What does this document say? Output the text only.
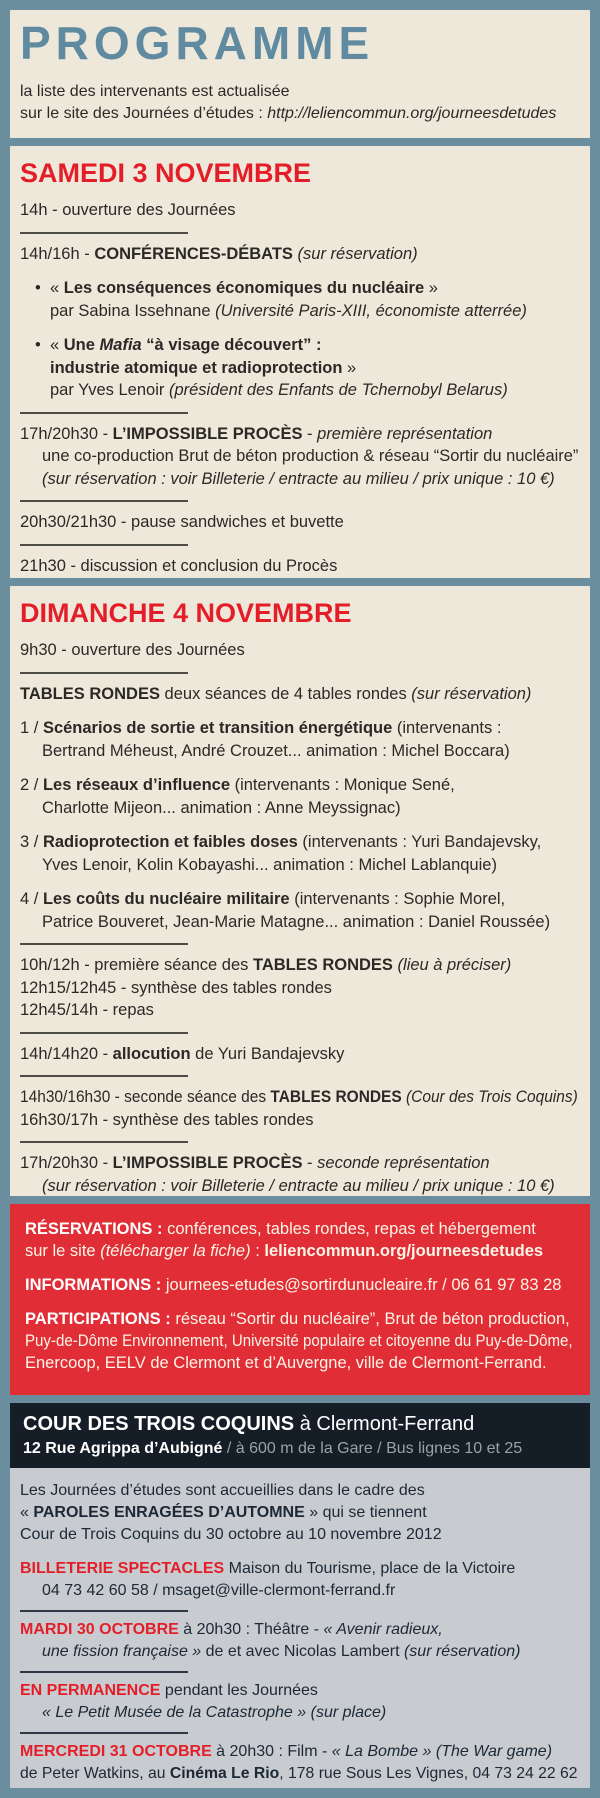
PROGRAMME
la liste des intervenants est actualisée
sur le site des Journées d’études : http://leliencommun.org/journeesdetudes
SAMEDI 3 NOVEMBRE
14h - ouverture des Journées
14h/16h - CONFÉRENCES-DÉBATS (sur réservation)
• « Les conséquences économiques du nucléaire »
par Sabina Issehnane (Université Paris-XIII, économiste atterrée)
• « Une Mafia “à visage découvert” :
industrie atomique et radioprotection »
par Yves Lenoir (président des Enfants de Tchernobyl Belarus)
17h/20h30 - L’IMPOSSIBLE PROCÈS - première représentation
une co-production Brut de béton production & réseau “Sortir du nucléaire”
(sur réservation : voir Billeterie / entracte au milieu / prix unique : 10 €)
20h30/21h30 - pause sandwiches et buvette
21h30 - discussion et conclusion du Procès
DIMANCHE 4 NOVEMBRE
9h30 - ouverture des Journées
TABLES RONDES deux séances de 4 tables rondes (sur réservation)
1 / Scénarios de sortie et transition énergétique (intervenants :
Bertrand Méheust, André Crouzet... animation : Michel Boccara)
2 / Les réseaux d’influence (intervenants : Monique Sené,
Charlotte Mijeon... animation : Anne Meyssignac)
3 / Radioprotection et faibles doses (intervenants : Yuri Bandajevsky,
Yves Lenoir, Kolin Kobayashi... animation : Michel Lablanquie)
4 / Les coûts du nucléaire militaire (intervenants : Sophie Morel,
Patrice Bouveret, Jean-Marie Matagne... animation : Daniel Roussée)
10h/12h - première séance des TABLES RONDES (lieu à préciser)
12h15/12h45 - synthèse des tables rondes
12h45/14h - repas
14h/14h20 - allocution de Yuri Bandajevsky
14h30/16h30 - seconde séance des TABLES RONDES (Cour des Trois Coquins)
16h30/17h - synthèse des tables rondes
17h/20h30 - L’IMPOSSIBLE PROCÈS - seconde représentation
(sur réservation : voir Billeterie / entracte au milieu / prix unique : 10 €)
RÉSERVATIONS : conférences, tables rondes, repas et hébergement
sur le site (télécharger la fiche) : leliencommun.org/journeesdetudes
INFORMATIONS : journees-etudes@sortirdunucleaire.fr / 06 61 97 83 28
PARTICIPATIONS : réseau “Sortir du nucléaire”, Brut de béton production,
Puy-de-Dôme Environnement, Université populaire et citoyenne du Puy-de-Dôme,
Enercoop, EELV de Clermont et d’Auvergne, ville de Clermont-Ferrand.
COUR DES TROIS COQUINS à Clermont-Ferrand
12 Rue Agrippa d’Aubigné / à 600 m de la Gare / Bus lignes 10 et 25
Les Journées d’études sont accueillies dans le cadre des
« PAROLES ENRAGÉES D’AUTOMNE » qui se tiennent
Cour de Trois Coquins du 30 octobre au 10 novembre 2012
BILLETERIE SPECTACLES Maison du Tourisme, place de la Victoire
04 73 42 60 58 / msaget@ville-clermont-ferrand.fr
MARDI 30 OCTOBRE à 20h30 : Théâtre - « Avenir radieux,
une fission française » de et avec Nicolas Lambert (sur réservation)
EN PERMANENCE pendant les Journées
« Le Petit Musée de la Catastrophe » (sur place)
MERCREDI 31 OCTOBRE à 20h30 : Film - « La Bombe » (The War game)
de Peter Watkins, au Cinéma Le Rio, 178 rue Sous Les Vignes, 04 73 24 22 62
